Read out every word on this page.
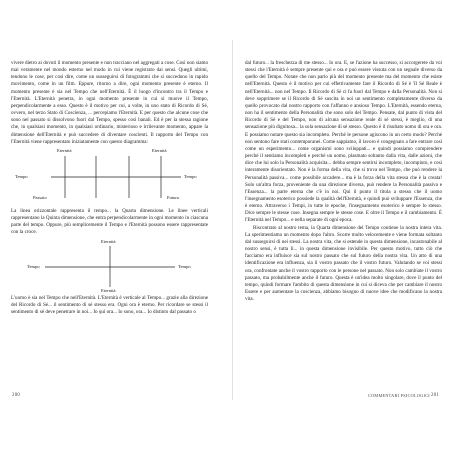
vivere dietro ai dovuti il momento presente e non tracciano nel aggregati a cose. Così non siamo mai veramente nel mondo esterno nel modo in cui viene registrato dai sensi. Quegli ultimi, tendono le cose, per così dire, come un susseguirsi di fotogrammi che si succedono in rapido movimento, come in un film. Eppure, ritorno a dire, ogni momento presente è eterno. Il momento presente è sia nel Tempo che nell'Eternità. È il luogo d'incontro tra il Tempo e l'Eternità. L'Eternità penetra, in ogni momento presente in cui si muove il Tempo, perpendicolarmente a esso. Questo è il motivo per cui, a volte, in uno stato di Ricordo di Sé, ovvero, nel terzo Stato di Coscienza, ... percepiamo l'Eternità. E per questo che alcune cose che sono nel passato si dissolvono fuori dal Tempo, spesso così banali. Ed è per la stessa ragione che, in qualsiasi momento, in qualsiasi ordinario, misterioso e irrilevante momento, appare la dimensione dell'Eternità e può succedere di diventare coscienti. Il rapporto del Tempo con l'Eternità viene rappresentato iniziatamente con questo diagramma:

Eternità	Eternità
Tempo	Tempo
Passato	Futuro

La linea orizzontale rappresenta il tempo... la Quarta dimensione. Le linee verticali rappresentano la Quinta dimensione, che entra perpendicolarmente in ogni momento in ciascuna parte del tempo. Oppure, più semplicemente il Tempo e l'Eternità possono essere rappresentate con la croce.

Eternità
Eternità
Tempo	Tempo

L'uomo è sia nel Tempo che nell'Eternità. L'Eternità è verticale al Tempo... grazie alla direzione del Ricordo di Sé... il sentimento di sé stesso era. Ogni ora è eterno. Per ricordare se stessi il sentimento di sé deve penetrare in noi... Io qui ora... Io sono, ora... Io distinto dal passato o

200

dal futuro... la freschezza di me stesso... Io ora. E, se l'azione ha successo, si accorgerete da voi stessi che l'Eternità è sempre presente qui e ora e può essere vissuta con un segnale diverso da quello del Tempo. Notate che non parlo più del momento presente ma del momento che esiste nell'Eternità. Questo è il motivo per cui effettivamente fare il Ricordo di Sé è 'Il Sé Reale è nell'Eternità... non nel Tempo. Il Ricordo di Sé ci fa fuori dal Tempo e dalla Personalità. Non si deve sopprimere se il Ricordo di Sé suscita in noi un sentimento completamente diverso da quello provocato dal nostro rapporto con l'affanno e ansioso Tempo. L'Eternità, essendo eterna, non ha il sentimento della Personalità che sono solo del Tempo. Pensate, dal punto di vista del Ricordo di Sé e del Tempo, non di alcuna sensazione reale di sé stessi, è meglio, di una sensazione più dignitosa... la sola sensazione di sé stesso. Questo è il risultato uomo di ora e ora. E possiamo notare questo sia incompleto. Perché le persone agiscono in un certo modo? Perché non sentono fare stati contemporanei. Come sappiamo, il lavoro è congegnato a fare entrare così come un esperimento... come organismi sono sviluppati... e quindi possiamo comprendere perché il sentiamo incompleti e perché un uomo, plasmato soltanto dalla vita, dalle azioni, che dice che lui solo la Personalità acquisita... debba sempre sentirsi incompleto, incompiuto, e così interamente disorientato. Non è la forma della vita, che si trova nel Tempo, che può rendere la Personalità passiva... come possibile accadere... ma è la forza della vita stessa che è la creata! Solo un'altra forza, proveniente da una direzione diversa, può rendere la Personalità passiva e l'Essenza... la parte eterna che c'è in noi. Qui il punto il titola a stesso che il uomo l'insegnamento esoterico possiede la qualità dell'Eternità, e quindi può sviluppare l'Essenza, che è eterno. Attraverso i Tempi, in tutte le epoche, l'insegnamento esoterico è sempre lo stesso. Dice sempre le stesse cose. Insegna sempre le stesse cose. E oltre il Tempo e il cambiamento. È l'Eternità nel Tempo... e nella separate di ogni epoca.

Riscontrato al nostro tema, la Quarta dimensione del Tempo contiene la nostra intera vita. La sperimentiamo un momento dopo l'altro. Scorre molto velocemente e viene formata soltanto dal susseguirsi di nei stessi. La nostra vita, che si estende in questa dimensione, incastonabile al nostro sensi, è tutta lì... in questa dimensione invisibile. Per questo motivo, tutto ciò che facciamo era influisce sia sul nostro passato che sul futuro della nostra vita. Un atto di una identificazione era influenza, sia il vostro passato che il vostro futuro. Valutando se voi stessi ora, confrontate anche il vostro rapporto con le persone nel passato. Non solo cambiate il vostro passato, ma probabilmente anche il futuro. Questa è un'idea molto singolare, dove il punto del tempo, quindi formare l'ambito di questa dimensione in cui si diceva che per cambiare il nostro Essere e per aumentare la coscienza, abbiamo bisogno di nuove idee che modificano la nostra vita.

COMMENTARI PSICOLOGICI 201
